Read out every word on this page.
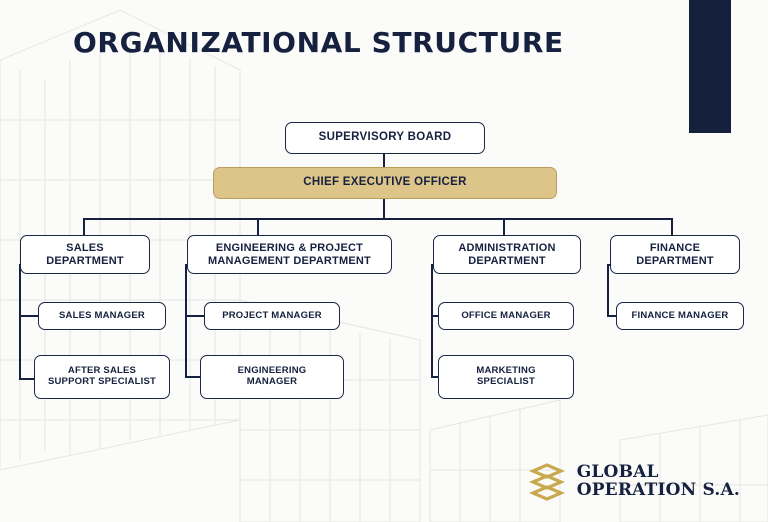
ORGANIZATIONAL STRUCTURE
SUPERVISORY BOARD
CHIEF EXECUTIVE OFFICER
SALES
DEPARTMENT
ENGINEERING & PROJECT
MANAGEMENT DEPARTMENT
ADMINISTRATION
DEPARTMENT
FINANCE
DEPARTMENT
SALES MANAGER
AFTER SALES
SUPPORT SPECIALIST
PROJECT MANAGER
ENGINEERING
MANAGER
OFFICE MANAGER
MARKETING
SPECIALIST
FINANCE MANAGER
GLOBAL
OPERATION S.A.
